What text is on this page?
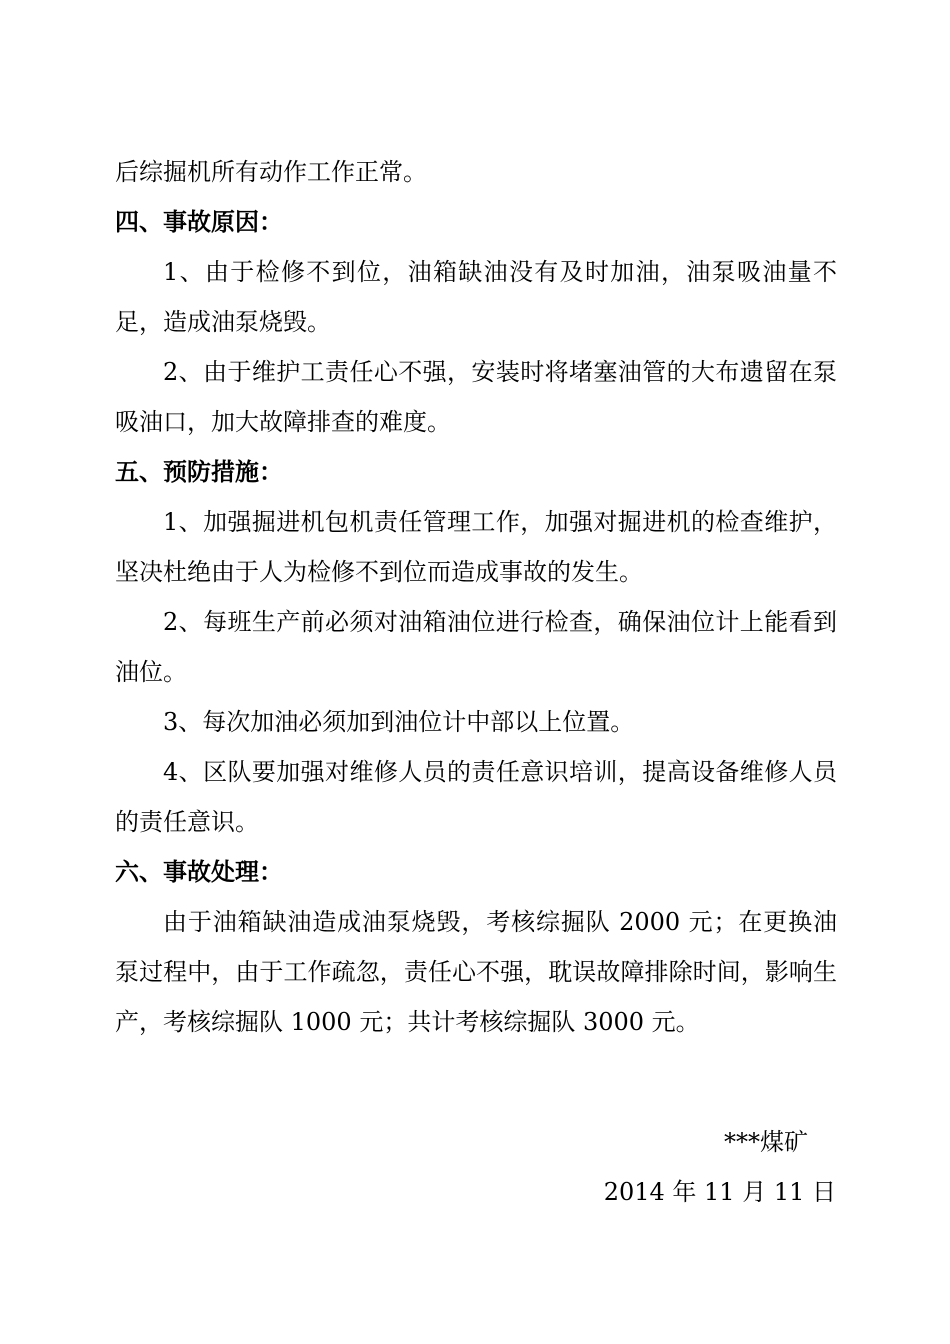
后综掘机所有动作工作正常。

四、事故原因：

1、由于检修不到位，油箱缺油没有及时加油，油泵吸油量不足，造成油泵烧毁。

2、由于维护工责任心不强，安装时将堵塞油管的大布遗留在泵吸油口，加大故障排查的难度。

五、预防措施：

1、加强掘进机包机责任管理工作，加强对掘进机的检查维护，坚决杜绝由于人为检修不到位而造成事故的发生。

2、每班生产前必须对油箱油位进行检查，确保油位计上能看到油位。

3、每次加油必须加到油位计中部以上位置。

4、区队要加强对维修人员的责任意识培训，提高设备维修人员的责任意识。

六、事故处理：

由于油箱缺油造成油泵烧毁，考核综掘队 2000 元；在更换油泵过程中，由于工作疏忽，责任心不强，耽误故障排除时间，影响生产，考核综掘队 1000 元；共计考核综掘队 3000 元。

***煤矿
2014 年 11 月 11 日
